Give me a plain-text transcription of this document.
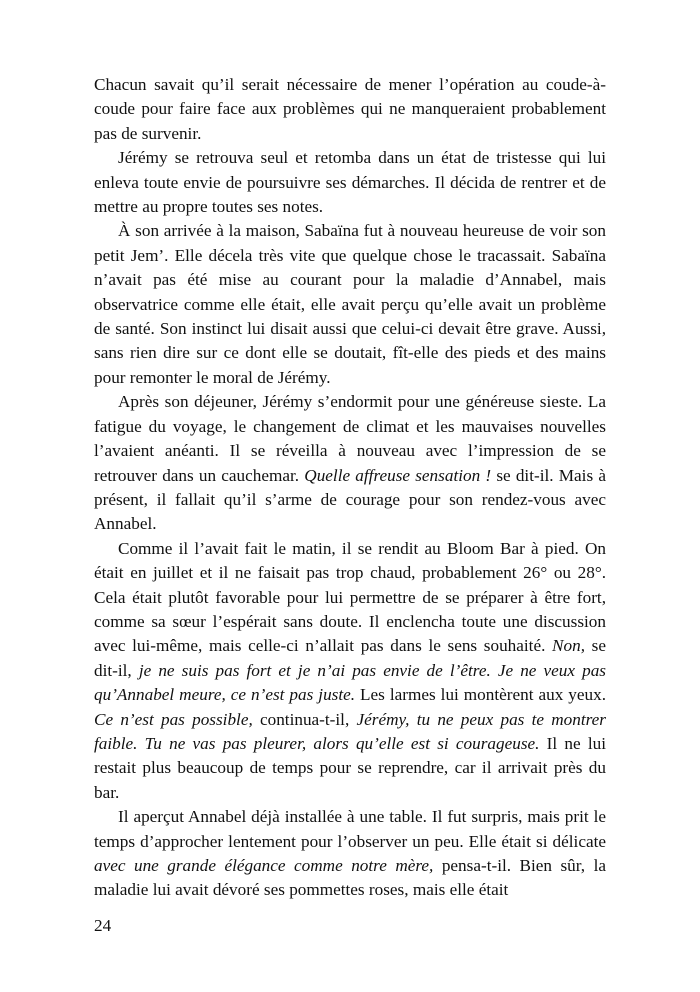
Chacun savait qu’il serait nécessaire de mener l’opération au coude-à-coude pour faire face aux problèmes qui ne manqueraient probablement pas de survenir.

Jérémy se retrouva seul et retomba dans un état de tristesse qui lui enleva toute envie de poursuivre ses démarches. Il décida de rentrer et de mettre au propre toutes ses notes.

À son arrivée à la maison, Sabaïna fut à nouveau heureuse de voir son petit Jem’. Elle décela très vite que quelque chose le tracassait. Sabaïna n’avait pas été mise au courant pour la maladie d’Annabel, mais observatrice comme elle était, elle avait perçu qu’elle avait un problème de santé. Son instinct lui disait aussi que celui-ci devait être grave. Aussi, sans rien dire sur ce dont elle se doutait, fît-elle des pieds et des mains pour remonter le moral de Jérémy.

Après son déjeuner, Jérémy s’endormit pour une généreuse sieste. La fatigue du voyage, le changement de climat et les mauvaises nouvelles l’avaient anéanti. Il se réveilla à nouveau avec l’impression de se retrouver dans un cauchemar. Quelle affreuse sensation ! se dit-il. Mais à présent, il fallait qu’il s’arme de courage pour son rendez-vous avec Annabel.

Comme il l’avait fait le matin, il se rendit au Bloom Bar à pied. On était en juillet et il ne faisait pas trop chaud, probablement 26° ou 28°. Cela était plutôt favorable pour lui permettre de se préparer à être fort, comme sa sœur l’espérait sans doute. Il enclencha toute une discussion avec lui-même, mais celle-ci n’allait pas dans le sens souhaité. Non, se dit-il, je ne suis pas fort et je n’ai pas envie de l’être. Je ne veux pas qu’Annabel meure, ce n’est pas juste. Les larmes lui montèrent aux yeux. Ce n’est pas possible, continua-t-il, Jérémy, tu ne peux pas te montrer faible. Tu ne vas pas pleurer, alors qu’elle est si courageuse. Il ne lui restait plus beaucoup de temps pour se reprendre, car il arrivait près du bar.

Il aperçut Annabel déjà installée à une table. Il fut surpris, mais prit le temps d’approcher lentement pour l’observer un peu. Elle était si délicate avec une grande élégance comme notre mère, pensa-t-il. Bien sûr, la maladie lui avait dévoré ses pommettes roses, mais elle était

24
